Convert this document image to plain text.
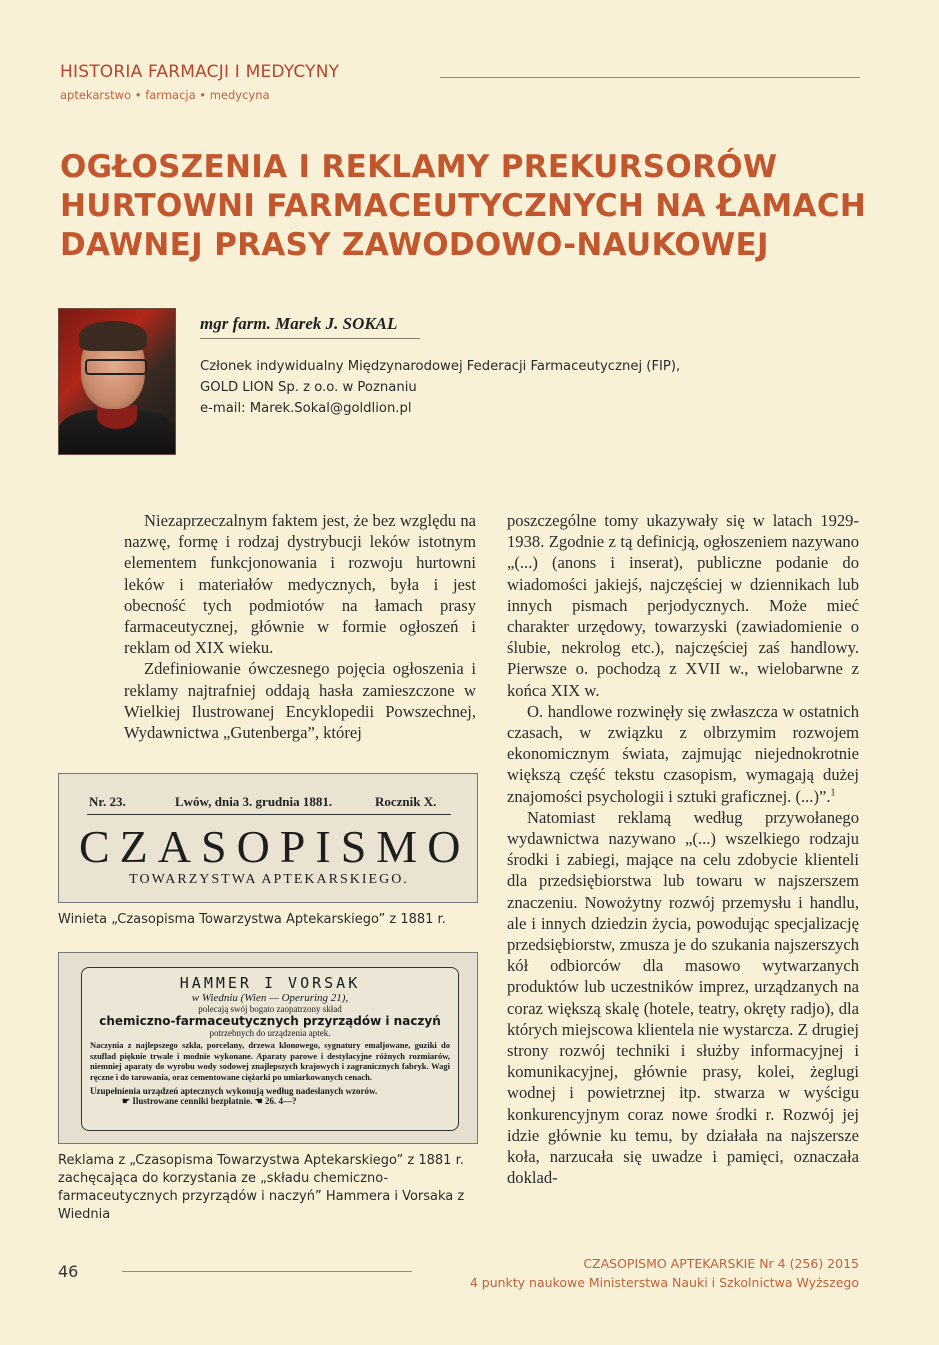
HISTORIA FARMACJI I MEDYCYNY
aptekarstwo • farmacja • medycyna
OGŁOSZENIA I REKLAMY PREKURSORÓW
HURTOWNI FARMACEUTYCZNYCH NA ŁAMACH
DAWNEJ PRASY ZAWODOWO-NAUKOWEJ
mgr farm. Marek J. SOKAL
Członek indywidualny Międzynarodowej Federacji Farmaceutycznej (FIP),
GOLD LION Sp. z o.o. w Poznaniu
e-mail: Marek.Sokal@goldlion.pl

Niezaprzeczalnym faktem jest, że bez względu na nazwę, formę i rodzaj dystrybucji leków istotnym elementem funkcjonowania i rozwoju hurtowni leków i materiałów medycznych, była i jest obecność tych podmiotów na łamach prasy farmaceutycznej, głównie w formie ogłoszeń i reklam od XIX wieku.

Zdefiniowanie ówczesnego pojęcia ogłoszenia i reklamy najtrafniej oddają hasła zamieszczone w Wielkiej Ilustrowanej Encyklopedii Powszechnej, Wydawnictwa „Gutenberga”, której

poszczególne tomy ukazywały się w latach 1929-1938. Zgodnie z tą definicją, ogłoszeniem nazywano „(...) (anons i inserat), publiczne podanie do wiadomości jakiejś, najczęściej w dziennikach lub innych pismach perjodycznych. Może mieć charakter urzędowy, towarzyski (zawiadomienie o ślubie, nekrolog etc.), najczęściej zaś handlowy. Pierwsze o. pochodzą z XVII w., wielobarwne z końca XIX w.

O. handlowe rozwinęły się zwłaszcza w ostatnich czasach, w związku z olbrzymim rozwojem ekonomicznym świata, zajmując niejednokrotnie większą część tekstu czasopism, wymagają dużej znajomości psychologii i sztuki graficznej. (...)”.$^1$

Natomiast reklamą według przywołanego wydawnictwa nazywano „(...) wszelkiego rodzaju środki i zabiegi, mające na celu zdobycie klienteli dla przedsiębiorstwa lub towaru w najszerszem znaczeniu. Nowożytny rozwój przemysłu i handlu, ale i innych dziedzin życia, powodując specjalizację przedsiębiorstw, zmusza je do szukania najszerszych kół odbiorców dla masowo wytwarzanych produktów lub uczestników imprez, urządzanych na coraz większą skalę (hotele, teatry, okręty radjo), dla których miejscowa klientela nie wystarcza. Z drugiej strony rozwój techniki i służby informacyjnej i komunikacyjnej, głównie prasy, kolei, żeglugi wodnej i powietrznej itp. stwarza w wyścigu konkurencyjnym coraz nowe środki r. Rozwój jej idzie głównie ku temu, by działała na najszersze koła, narzucała się uwadze i pamięci, oznaczała doklad-

Nr. 23.	Lwów, dnia 3. grudnia 1881.	Rocznik X.
CZASOPISMO
TOWARZYSTWA APTEKARSKIEGO.
Winieta „Czasopisma Towarzystwa Aptekarskiego” z 1881 r.
HAMMER I VORSAK
w Wiedniu (Wien — Operuring 21),
polecają swój bogato zaopatrzony skład
chemiczno-farmaceutycznych przyrządów i naczyń
potrzebnych do urządzenia aptek.
Naczynia z najlepszego szkła, porcelany, drzewa klonowego, sygnatury emaljowane, guziki do szuflad pięknie trwale i modnie wykonane. Aparaty parowe i destylacyjne różnych rozmiarów, niemniej aparaty do wyrobu wody sodowej znajlepszych krajowych i zagranicznych fabryk. Wagi ręczne i do tarowania, oraz cementowane ciężarki po umiarkowanych cenach.
Uzupełnienia urządzeń aptecznych wykonują według nadesłanych wzorów.
☛ Ilustrowane cenniki bezpłatnie. ☚ 26. 4—?
Reklama z „Czasopisma Towarzystwa Aptekarskiego” z 1881 r. zachęcająca do korzystania ze „składu chemiczno-farmaceutycznych przyrządów i naczyń” Hammera i Vorsaka z Wiednia
46	CZASOPISMO APTEKARSKIE Nr 4 (256) 2015
4 punkty naukowe Ministerstwa Nauki i Szkolnictwa Wyższego
